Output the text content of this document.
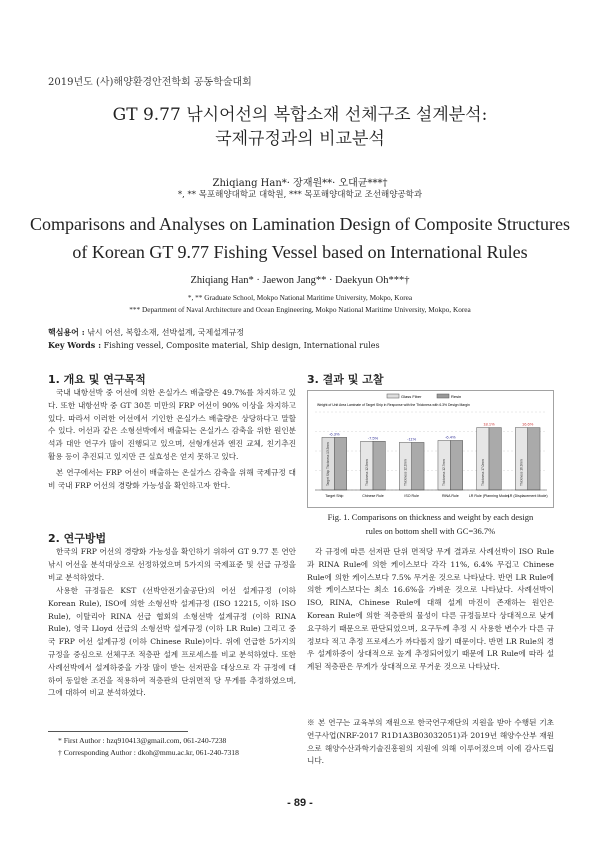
2019년도 (사)해양환경안전학회 공동학술대회
GT 9.77 낚시어선의 복합소재 선체구조 설계분석:
국제규정과의 비교분석
Zhiqiang Han*· 장재원**· 오대균***†
*, ** 목포해양대학교 대학원, *** 목포해양대학교 조선해양공학과
Comparisons and Analyses on Lamination Design of Composite Structures
of Korean GT 9.77 Fishing Vessel based on International Rules
Zhiqiang Han* · Jaewon Jang** · Daekyun Oh***†
*, ** Graduate School, Mokpo National Maritime University, Mokpo, Korea
*** Department of Naval Architecture and Ocean Engineering, Mokpo National Maritime University, Mokpo, Korea
핵심용어 : 낚시 어선, 복합소재, 선박설계, 국제설계규정
Key Words : Fishing vessel, Composite material, Ship design, International rules
1. 개요 및 연구목적
국내 내항선박 중 어선에 의한 온실가스 배출량은 49.7%를 차지하고 있다. 또한 내항선박 중 GT 30톤 미만의 FRP 어선이 90% 이상을 차지하고 있다. 따라서 이러한 어선에서 기인한 온실가스 배출량은 상당하다고 말할 수 있다. 어선과 같은 소형선박에서 배출되는 온실가스 감축을 위한 원인분석과 대안 연구가 많이 진행되고 있으며, 선형개선과 엔진 교체, 친기추진 활용 등이 추진되고 있지만 큰 실효성은 얻지 못하고 있다.
본 연구에서는 FRP 어선이 배출하는 온실가스 감축을 위해 국제규정 대비 국내 FRP 어선의 경량화 가능성을 확인하고자 한다.
2. 연구방법
한국의 FRP 어선의 경량화 가능성을 확인하기 위하여 GT 9.77 톤 연안 낚시 어선을 분석대상으로 선정하였으며 5가지의 국제표준 및 선급 규정을 비교 분석하였다.
사용한 규정들은 KST (선박안전기술공단)의 어선 설계규정 (이하 Korean Rule), ISO에 의한 소형선박 설계규정 (ISO 12215, 이하 ISO Rule), 이탈리아 RINA 선급 협회의 소형선박 설계규정 (이하 RINA Rule), 영국 Lloyd 선급의 소형선박 설계규정 (이하 LR Rule) 그리고 중국 FRP 어선 설계규정 (이하 Chinese Rule)이다. 위에 언급한 5가지의 규정을 중심으로 선체구조 적층판 설계 프로세스를 비교 분석하였다. 또한 사례선박에서 설계하중을 가장 많이 받는 선저판을 대상으로 각 규정에 대하여 동일한 조건을 적용하여 적층판의 단위면적 당 무게를 추정하였으며, 그에 대하여 비교 분석하였다.
* First Author : hzq910413@gmail.com, 061-240-7238
† Corresponding Author : dkoh@mmu.ac.kr, 061-240-7318
3. 결과 및 고찰
Glass Fiber	Resin
Weight of Unit Area Laminate of Target Ship in Response with the Thickness with 6.3% Design Margin
-6.3%
Target Ship Thickness 13.5mm
Target Ship
-7.5%
Thickness 12.5mm
Chinese Rule
-11%
Thickness 12.2mm
ISO Rule
-6.4%
Thickness 12.7mm
RINA Rule
18.1%
Thickness 17.0mm
LR Rule (Planning Mode)
16.6%
Thickness 16.3mm
LR (Displacement Mode)
Fig. 1. Comparisons on thickness and weight by each design
rules on bottom shell with GC=36.7%
각 규정에 따른 선저판 단위 면적당 무게 결과로 사례선박이 ISO Rule과 RINA Rule에 의한 케이스보다 각각 11%, 6.4% 무겁고 Chinese Rule에 의한 케이스보다 7.5% 무거운 것으로 나타났다. 반면 LR Rule에 의한 케이스보다는 최소 16.6%을 가벼운 것으로 나타났다. 사례선박이 ISO, RINA, Chinese Rule에 대해 설계 마진이 존재하는 원인은 Korean Rule에 의한 적층판의 물성이 다른 규정들보다 상대적으로 낮게 요구하기 때문으로 판단되었으며, 요구두께 추정 시 사용한 변수가 다른 규정보다 적고 추정 프로세스가 까다롭지 않기 때문이다. 반면 LR Rule의 경우 설계하중이 상대적으로 높게 추정되어있기 때문에 LR Rule에 따라 설계된 적층판은 무게가 상대적으로 무거운 것으로 나타났다.
※ 본 연구는 교육부의 재원으로 한국연구재단의 지원을 받아 수행된 기초연구사업(NRF-2017 R1D1A3B03032051)과 2019년 해양수산부 재원으로 해양수산과학기술진흥원의 지원에 의해 이루어졌으며 이에 감사드립니다.
- 89 -
